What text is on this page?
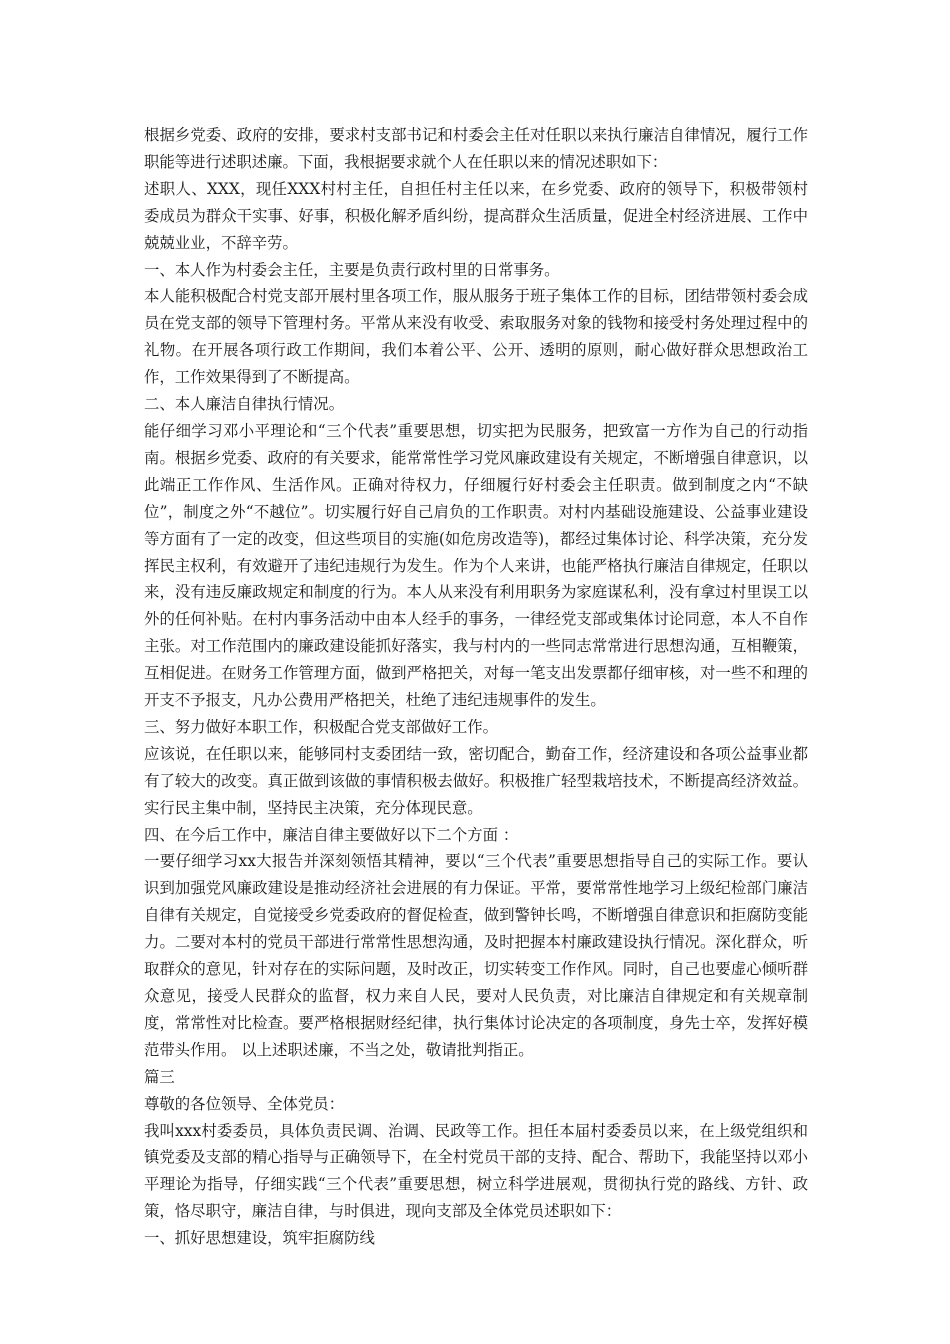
根据乡党委、政府的安排，要求村支部书记和村委会主任对任职以来执行廉洁自律情况，履行工作职能等进行述职述廉。下面，我根据要求就个人在任职以来的情况述职如下：

述职人、XXX，现任XXX村村主任，自担任村主任以来，在乡党委、政府的领导下，积极带领村委成员为群众干实事、好事，积极化解矛盾纠纷，提高群众生活质量，促进全村经济进展、工作中兢兢业业，不辞辛劳。

一、本人作为村委会主任，主要是负责行政村里的日常事务。

本人能积极配合村党支部开展村里各项工作，服从服务于班子集体工作的目标，团结带领村委会成员在党支部的领导下管理村务。平常从来没有收受、索取服务对象的钱物和接受村务处理过程中的礼物。在开展各项行政工作期间，我们本着公平、公开、透明的原则，耐心做好群众思想政治工作，工作效果得到了不断提高。

二、本人廉洁自律执行情况。

能仔细学习邓小平理论和“三个代表”重要思想，切实把为民服务，把致富一方作为自己的行动指南。根据乡党委、政府的有关要求，能常常性学习党风廉政建设有关规定，不断增强自律意识，以此端正工作作风、生活作风。正确对待权力，仔细履行好村委会主任职责。做到制度之内“不缺位”，制度之外“不越位”。切实履行好自己肩负的工作职责。对村内基础设施建设、公益事业建设等方面有了一定的改变，但这些项目的实施(如危房改造等)，都经过集体讨论、科学决策，充分发挥民主权利，有效避开了违纪违规行为发生。作为个人来讲，也能严格执行廉洁自律规定，任职以来，没有违反廉政规定和制度的行为。本人从来没有利用职务为家庭谋私利，没有拿过村里误工以外的任何补贴。在村内事务活动中由本人经手的事务，一律经党支部或集体讨论同意，本人不自作主张。对工作范围内的廉政建设能抓好落实，我与村内的一些同志常常进行思想沟通，互相鞭策，互相促进。在财务工作管理方面，做到严格把关，对每一笔支出发票都仔细审核，对一些不和理的开支不予报支，凡办公费用严格把关，杜绝了违纪违规事件的发生。

三、努力做好本职工作，积极配合党支部做好工作。

应该说，在任职以来，能够同村支委团结一致，密切配合，勤奋工作，经济建设和各项公益事业都有了较大的改变。真正做到该做的事情积极去做好。积极推广轻型栽培技术，不断提高经济效益。实行民主集中制，坚持民主决策，充分体现民意。

四、在今后工作中，廉洁自律主要做好以下二个方面 ：

一要仔细学习xx大报告并深刻领悟其精神，要以“三个代表”重要思想指导自己的实际工作。要认识到加强党风廉政建设是推动经济社会进展的有力保证。平常，要常常性地学习上级纪检部门廉洁自律有关规定，自觉接受乡党委政府的督促检查，做到警钟长鸣，不断增强自律意识和拒腐防变能力。二要对本村的党员干部进行常常性思想沟通，及时把握本村廉政建设执行情况。深化群众，听取群众的意见，针对存在的实际问题，及时改正，切实转变工作作风。同时，自己也要虚心倾听群众意见，接受人民群众的监督，权力来自人民，要对人民负责，对比廉洁自律规定和有关规章制度，常常性对比检查。要严格根据财经纪律，执行集体讨论决定的各项制度，身先士卒，发挥好模范带头作用。 以上述职述廉，不当之处，敬请批判指正。

篇三

尊敬的各位领导、全体党员：

我叫xxx村委委员，具体负责民调、治调、民政等工作。担任本届村委委员以来，在上级党组织和镇党委及支部的精心指导与正确领导下，在全村党员干部的支持、配合、帮助下，我能坚持以邓小平理论为指导，仔细实践“三个代表”重要思想，树立科学进展观，贯彻执行党的路线、方针、政策，恪尽职守，廉洁自律，与时俱进，现向支部及全体党员述职如下：

一、抓好思想建设，筑牢拒腐防线
